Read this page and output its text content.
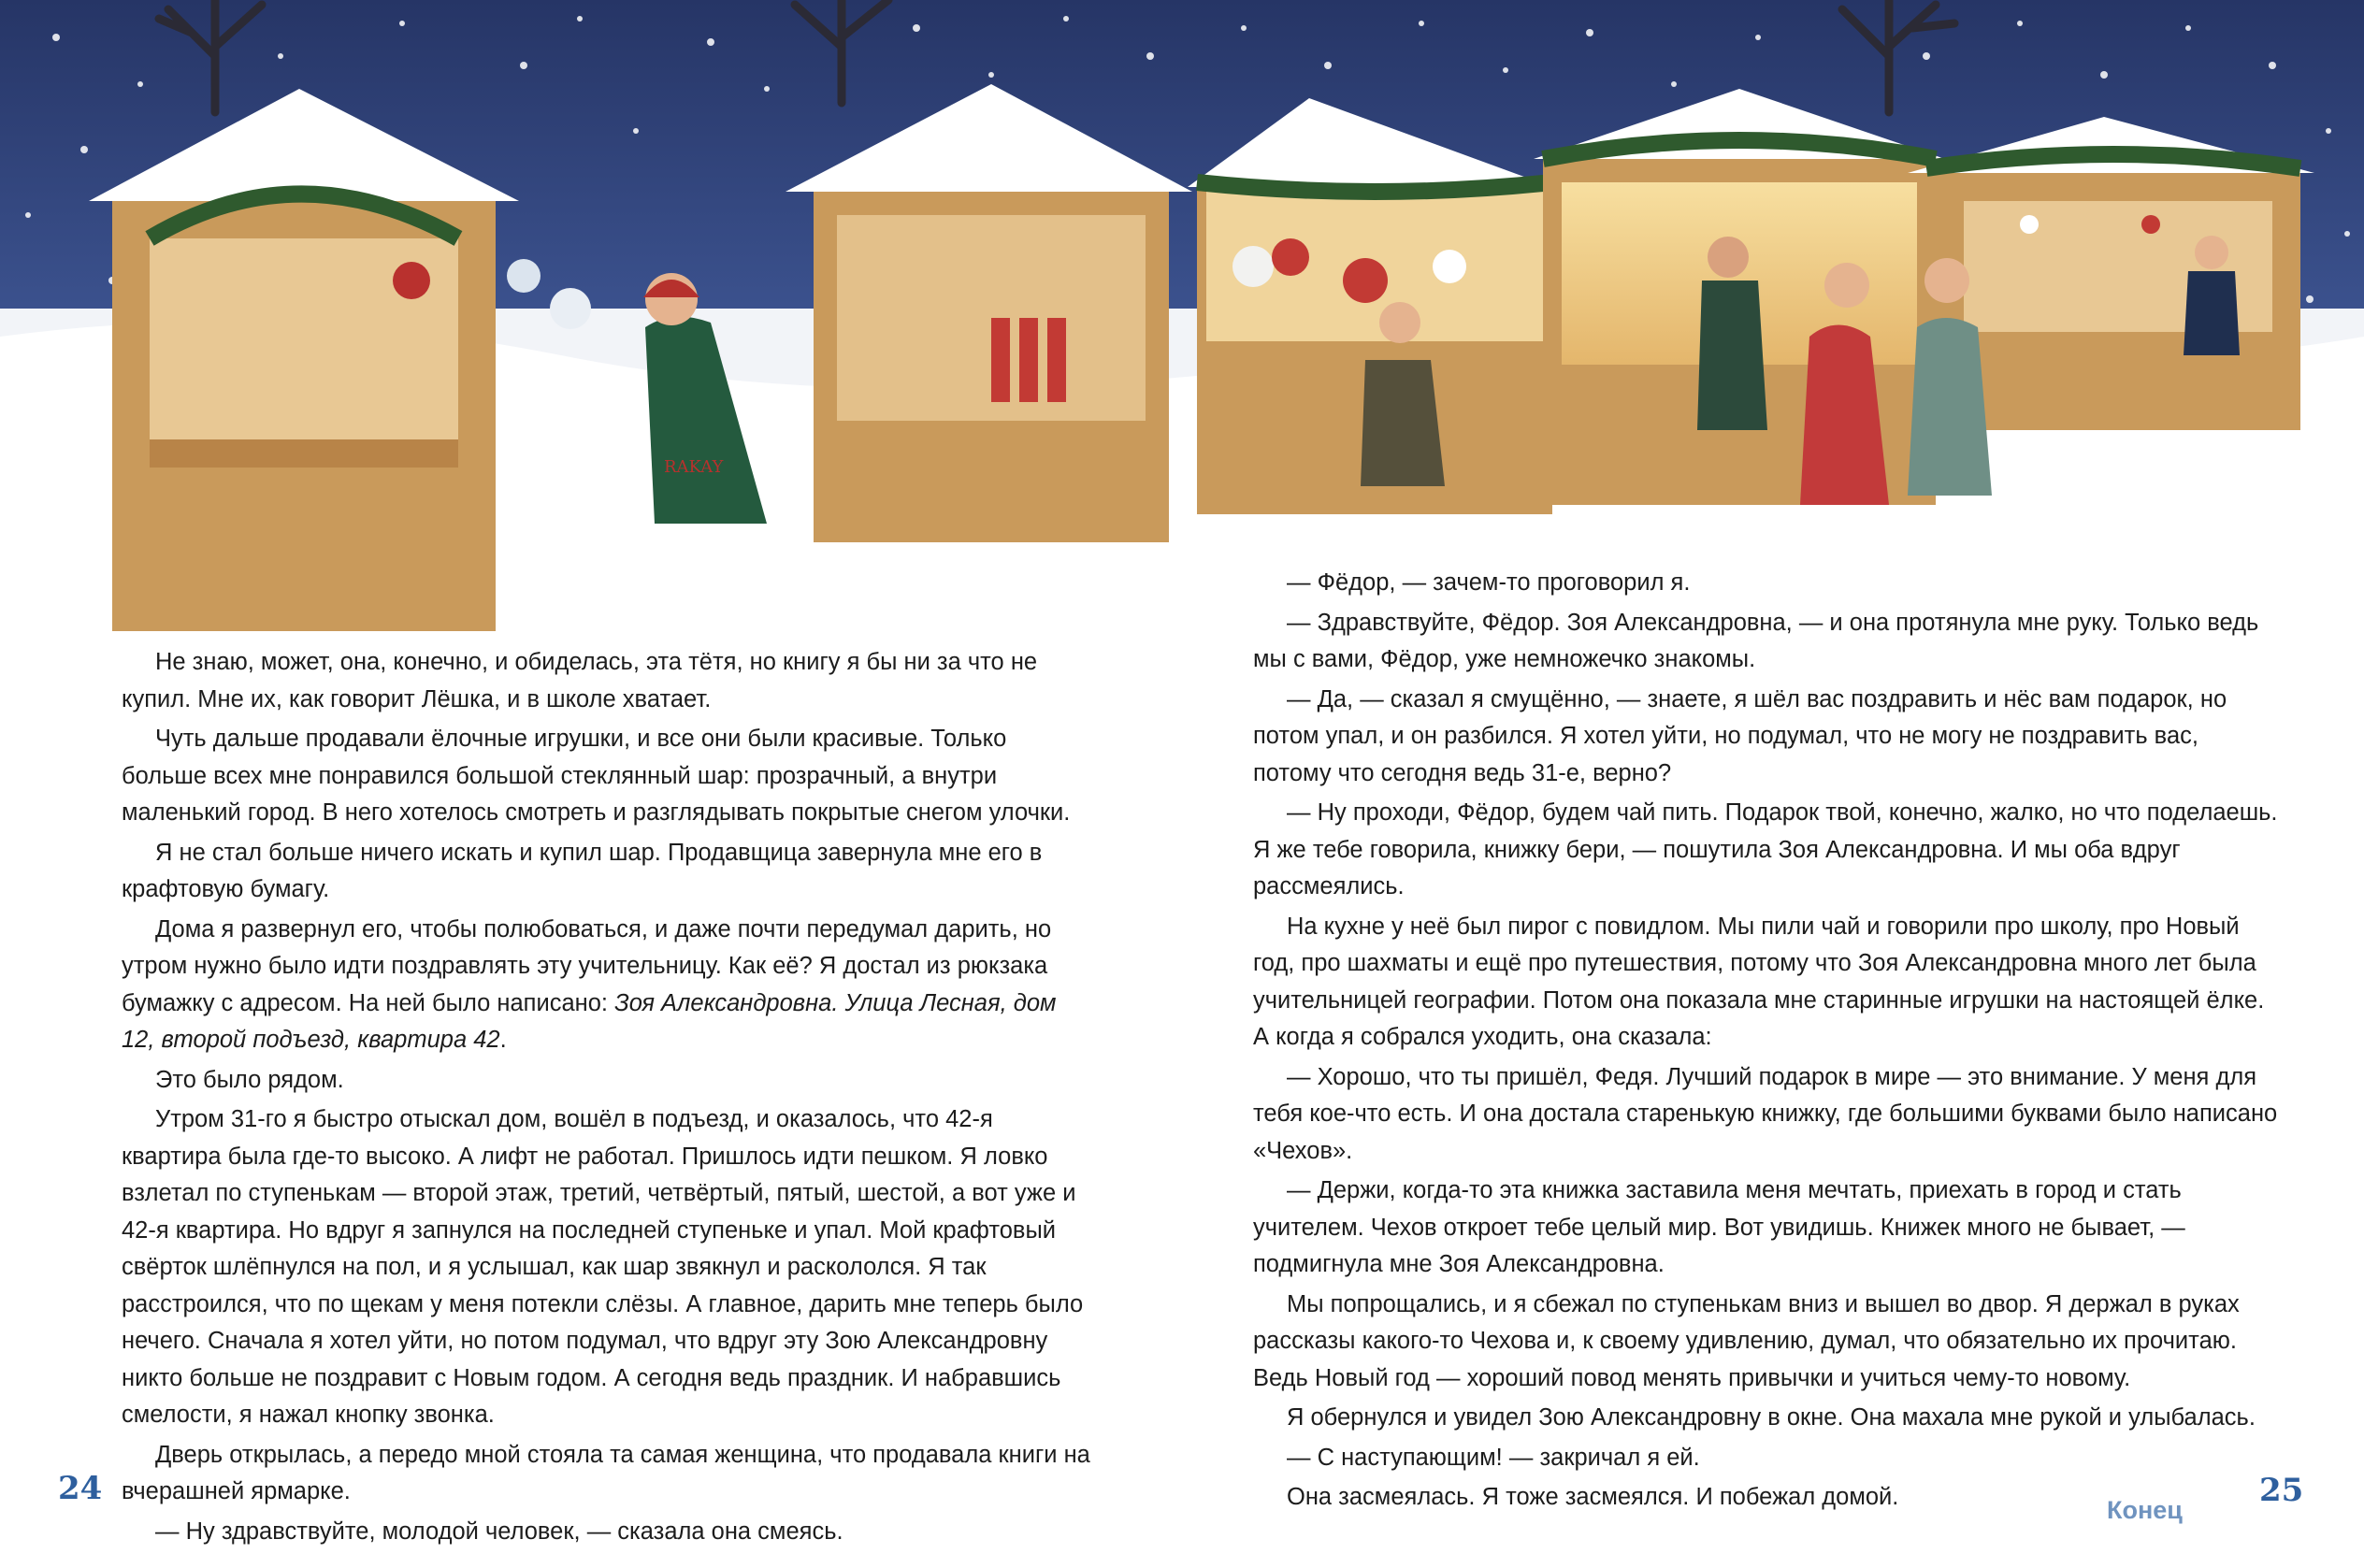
RAKAY

Не знаю, может, она, конечно, и обиделась, эта тётя, но книгу я бы ни за что не купил. Мне их, как говорит Лёшка, и в школе хватает.

Чуть дальше продавали ёлочные игрушки, и все они были красивые. Только больше всех мне понравился большой стеклянный шар: прозрачный, а внутри маленький город. В него хотелось смотреть и разглядывать покрытые снегом улочки.

Я не стал больше ничего искать и купил шар. Продавщица завернула мне его в крафтовую бумагу.

Дома я развернул его, чтобы полюбоваться, и даже почти передумал дарить, но утром нужно было идти поздравлять эту учительницу. Как её? Я достал из рюкзака бумажку с адресом. На ней было написано: Зоя Александровна. Улица Лесная, дом 12, второй подъезд, квартира 42.

Это было рядом.

Утром 31-го я быстро отыскал дом, вошёл в подъезд, и оказалось, что 42-я квартира была где-то высоко. А лифт не работал. Пришлось идти пешком. Я ловко взлетал по ступенькам — второй этаж, третий, четвёртый, пятый, шестой, а вот уже и 42-я квартира. Но вдруг я запнулся на последней ступеньке и упал. Мой крафтовый свёрток шлёпнулся на пол, и я услышал, как шар звякнул и раскололся. Я так расстроился, что по щекам у меня потекли слёзы. А главное, дарить мне теперь было нечего. Сначала я хотел уйти, но потом подумал, что вдруг эту Зою Александровну никто больше не поздравит с Новым годом. А сегодня ведь праздник. И набравшись смелости, я нажал кнопку звонка.

Дверь открылась, а передо мной стояла та самая женщина, что продавала книги на вчерашней ярмарке.

— Ну здравствуйте, молодой человек, — сказала она смеясь.

— Фёдор, — зачем-то проговорил я.

— Здравствуйте, Фёдор. Зоя Александровна, — и она протянула мне руку. Только ведь мы с вами, Фёдор, уже немножечко знакомы.

— Да, — сказал я смущённо, — знаете, я шёл вас поздравить и нёс вам подарок, но потом упал, и он разбился. Я хотел уйти, но подумал, что не могу не поздравить вас, потому что сегодня ведь 31-е, верно?

— Ну проходи, Фёдор, будем чай пить. Подарок твой, конечно, жалко, но что поделаешь. Я же тебе говорила, книжку бери, — пошутила Зоя Александровна. И мы оба вдруг рассмеялись.

На кухне у неё был пирог с повидлом. Мы пили чай и говорили про школу, про Новый год, про шахматы и ещё про путешествия, потому что Зоя Александровна много лет была учительницей географии. Потом она показала мне старинные игрушки на настоящей ёлке. А когда я собрался уходить, она сказала:

— Хорошо, что ты пришёл, Федя. Лучший подарок в мире — это внимание. У меня для тебя кое-что есть. И она достала старенькую книжку, где большими буквами было написано «Чехов».

— Держи, когда-то эта книжка заставила меня мечтать, приехать в город и стать учителем. Чехов откроет тебе целый мир. Вот увидишь. Книжек много не бывает, — подмигнула мне Зоя Александровна.

Мы попрощались, и я сбежал по ступенькам вниз и вышел во двор. Я держал в руках рассказы какого-то Чехова и, к своему удивлению, думал, что обязательно их прочитаю. Ведь Новый год — хороший повод менять привычки и учиться чему-то новому.

Я обернулся и увидел Зою Александровну в окне. Она махала мне рукой и улыбалась.

— С наступающим! — закричал я ей.

Она засмеялась. Я тоже засмеялся. И побежал домой.

24	25
Конец
